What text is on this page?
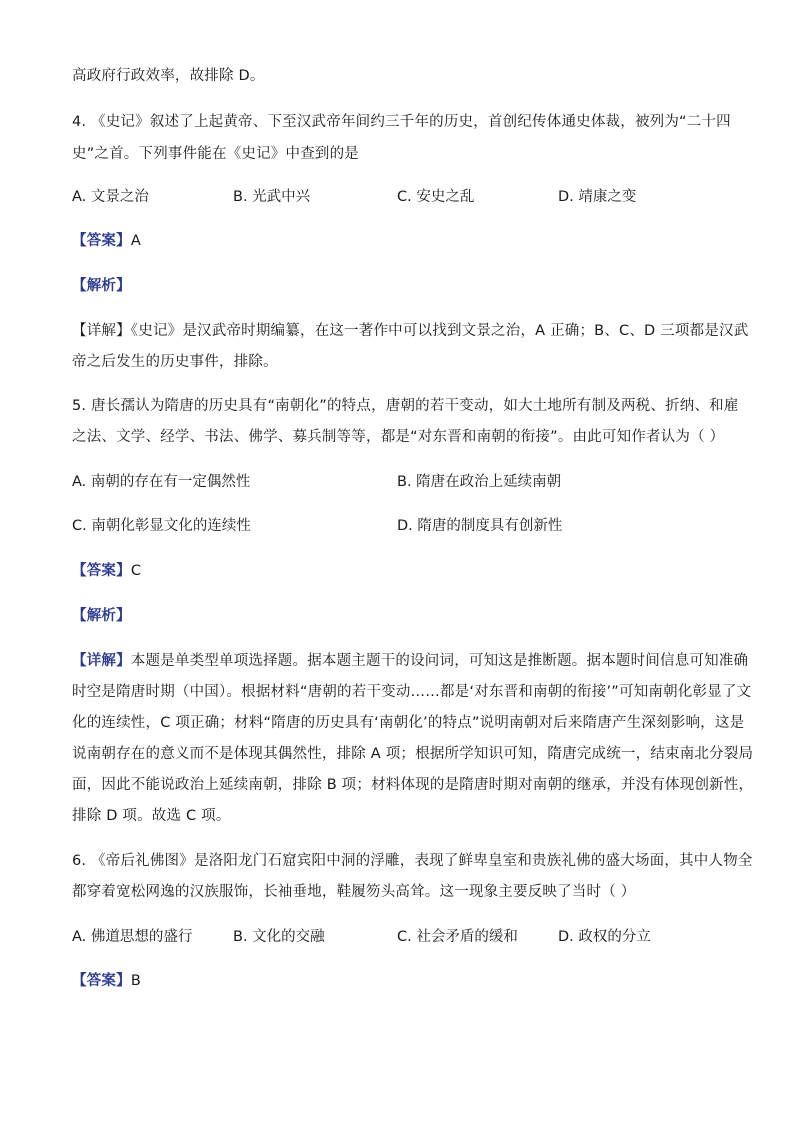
高政府行政效率，故排除 D。
4. 《史记》叙述了上起黄帝、下至汉武帝年间约三千年的历史，首创纪传体通史体裁，被列为“二十四
史”之首。下列事件能在《史记》中查到的是
A. 文景之治	B. 光武中兴	C. 安史之乱	D. 靖康之变
【答案】A
【解析】
【详解】《史记》是汉武帝时期编纂，在这一著作中可以找到文景之治，A 正确；B、C、D 三项都是汉武
帝之后发生的历史事件，排除。
5. 唐长孺认为隋唐的历史具有“南朝化”的特点，唐朝的若干变动，如大土地所有制及两税、折纳、和雇
之法、文学、经学、书法、佛学、募兵制等等，都是“对东晋和南朝的衔接”。由此可知作者认为（ ）
A. 南朝的存在有一定偶然性	B. 隋唐在政治上延续南朝
C. 南朝化彰显文化的连续性	D. 隋唐的制度具有创新性
【答案】C
【解析】
【详解】本题是单类型单项选择题。据本题主题干的设问词，可知这是推断题。据本题时间信息可知准确
时空是隋唐时期（中国）。根据材料“唐朝的若干变动……都是‘对东晋和南朝的衔接’”可知南朝化彰显了文
化的连续性，C 项正确；材料“隋唐的历史具有‘南朝化’的特点”说明南朝对后来隋唐产生深刻影响，这是
说南朝存在的意义而不是体现其偶然性，排除 A 项；根据所学知识可知，隋唐完成统一，结束南北分裂局
面，因此不能说政治上延续南朝，排除 B 项；材料体现的是隋唐时期对南朝的继承，并没有体现创新性，
排除 D 项。故选 C 项。
6. 《帝后礼佛图》是洛阳龙门石窟宾阳中洞的浮雕，表现了鲜卑皇室和贵族礼佛的盛大场面，其中人物全
都穿着宽松网逸的汉族服饰，长袖垂地，鞋履笏头高耸。这一现象主要反映了当时（ ）
A. 佛道思想的盛行	B. 文化的交融	C. 社会矛盾的缓和	D. 政权的分立
【答案】B
